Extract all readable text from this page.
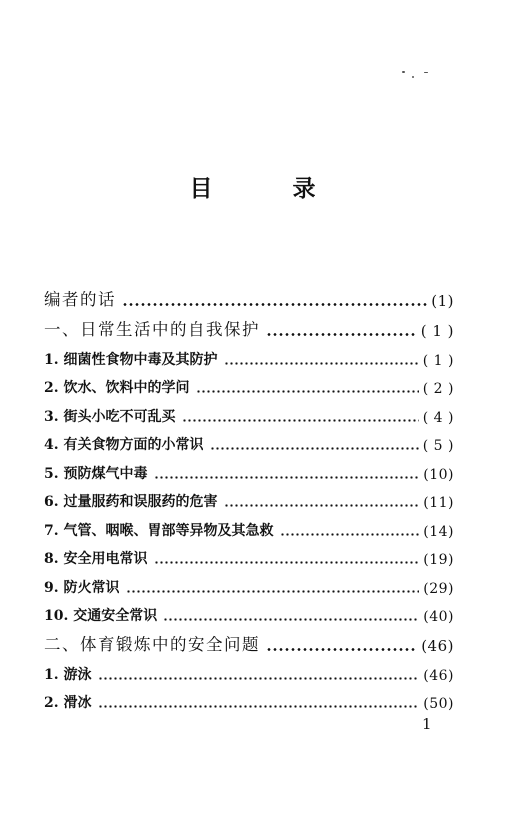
目 录
编者的话	(1)
一、日常生活中的自我保护	( 1 )
1. 细菌性食物中毒及其防护	( 1 )
2. 饮水、饮料中的学问	( 2 )
3. 街头小吃不可乱买	( 4 )
4. 有关食物方面的小常识	( 5 )
5. 预防煤气中毒	(10)
6. 过量服药和误服药的危害	(11)
7. 气管、咽喉、胃部等异物及其急救	(14)
8. 安全用电常识	(19)
9. 防火常识	(29)
10. 交通安全常识	(40)
二、体育锻炼中的安全问题	(46)
1. 游泳	(46)
2. 滑冰	(50)
1
